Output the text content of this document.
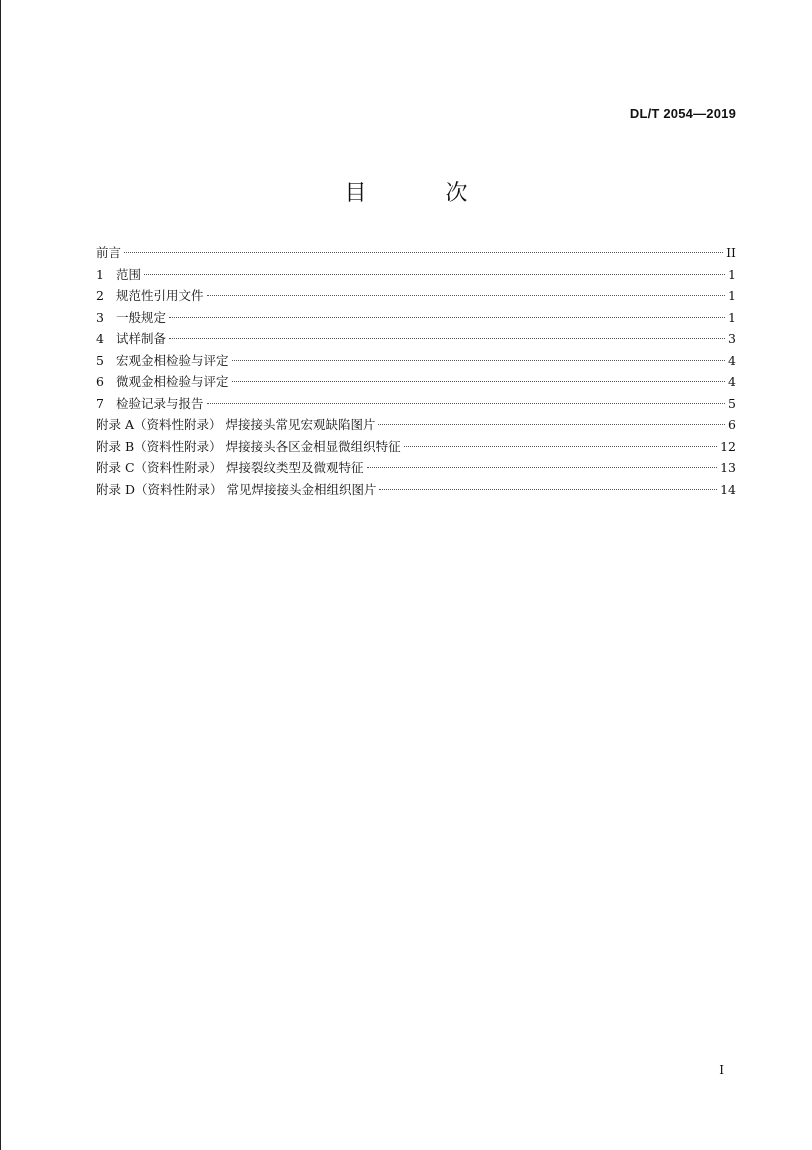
DL/T 2054—2019
目 次
前言	II
1 范围	1
2 规范性引用文件	1
3 一般规定	1
4 试样制备	3
5 宏观金相检验与评定	4
6 微观金相检验与评定	4
7 检验记录与报告	5
附录 A（资料性附录） 焊接接头常见宏观缺陷图片	6
附录 B（资料性附录） 焊接接头各区金相显微组织特征	12
附录 C（资料性附录） 焊接裂纹类型及微观特征	13
附录 D（资料性附录） 常见焊接接头金相组织图片	14
I
